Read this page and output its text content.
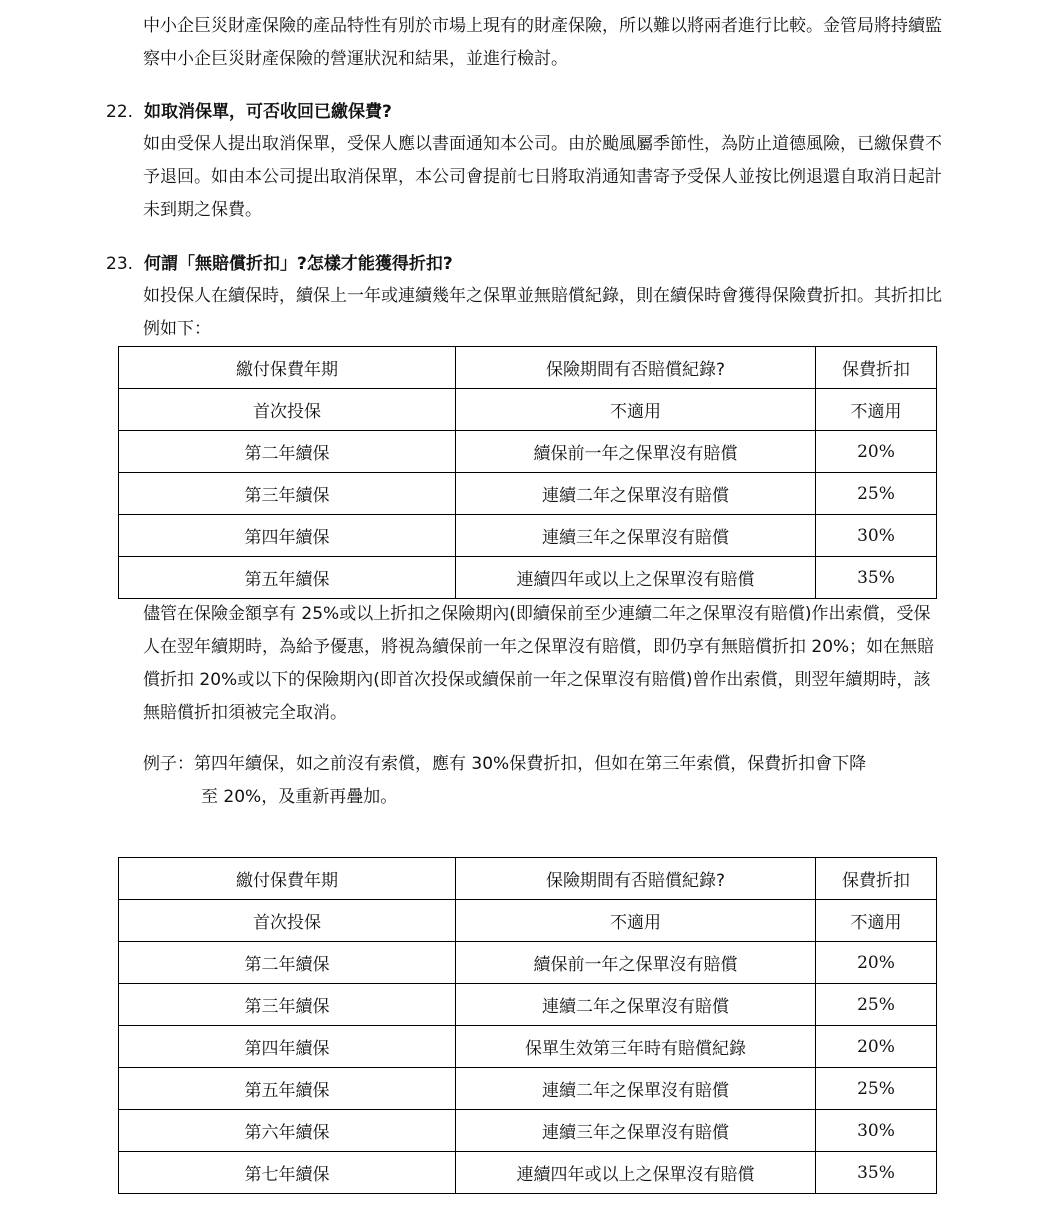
中小企巨災財產保險的產品特性有別於市場上現有的財產保險，所以難以將兩者進行比較。金管局將持續監察中小企巨災財產保險的營運狀況和結果，並進行檢討。

22. 如取消保單，可否收回已繳保費?

如由受保人提出取消保單，受保人應以書面通知本公司。由於颱風屬季節性，為防止道德風險，已繳保費不予退回。如由本公司提出取消保單，本公司會提前七日將取消通知書寄予受保人並按比例退還自取消日起計未到期之保費。

23. 何謂「無賠償折扣」?怎樣才能獲得折扣?

如投保人在續保時，續保上一年或連續幾年之保單並無賠償紀錄，則在續保時會獲得保險費折扣。其折扣比例如下：

繳付保費年期	保險期間有否賠償紀錄?	保費折扣
首次投保	不適用	不適用
第二年續保	續保前一年之保單沒有賠償	20%
第三年續保	連續二年之保單沒有賠償	25%
第四年續保	連續三年之保單沒有賠償	30%
第五年續保	連續四年或以上之保單沒有賠償	35%

儘管在保險金額享有 25%或以上折扣之保險期內(即續保前至少連續二年之保單沒有賠償)作出索償，受保人在翌年續期時，為給予優惠，將視為續保前一年之保單沒有賠償，即仍享有無賠償折扣 20%；如在無賠償折扣 20%或以下的保險期內(即首次投保或續保前一年之保單沒有賠償)曾作出索償，則翌年續期時，該無賠償折扣須被完全取消。

例子：第四年續保，如之前沒有索償，應有 30%保費折扣，但如在第三年索償，保費折扣會下降
至 20%，及重新再疊加。
繳付保費年期	保險期間有否賠償紀錄?	保費折扣
首次投保	不適用	不適用
第二年續保	續保前一年之保單沒有賠償	20%
第三年續保	連續二年之保單沒有賠償	25%
第四年續保	保單生效第三年時有賠償紀錄	20%
第五年續保	連續二年之保單沒有賠償	25%
第六年續保	連續三年之保單沒有賠償	30%
第七年續保	連續四年或以上之保單沒有賠償	35%
